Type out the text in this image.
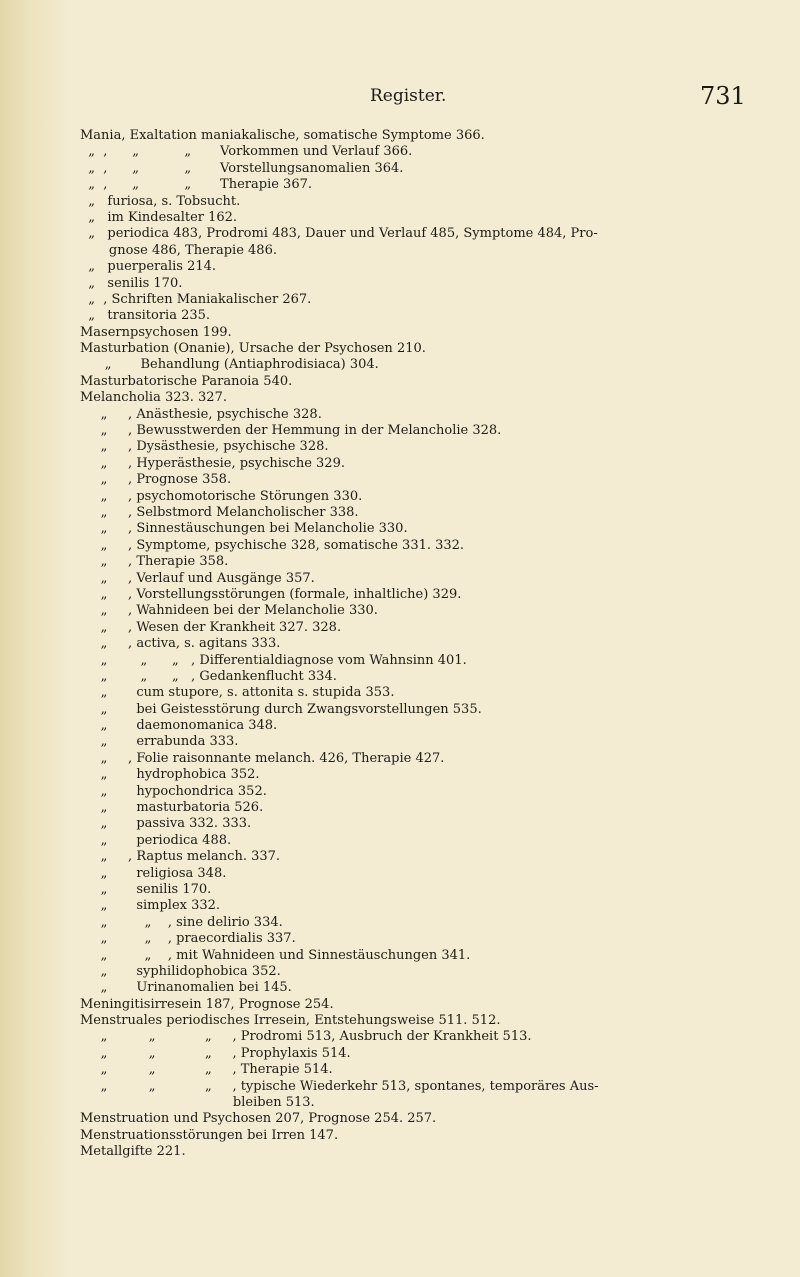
Register.	731
Mania, Exaltation maniakalische, somatische Symptome 366.
„  ,      „           „       Vorkommen und Verlauf 366.
„  ,      „           „       Vorstellungsanomalien 364.
„  ,      „           „       Therapie 367.
„   furiosa, s. Tobsucht.
„   im Kindesalter 162.
„   periodica 483, Prodromi 483, Dauer und Verlauf 485, Symptome 484, Pro-
gnose 486, Therapie 486.
„   puerperalis 214.
„   senilis 170.
„  , Schriften Maniakalischer 267.
„   transitoria 235.
Masernpsychosen 199.
Masturbation (Onanie), Ursache der Psychosen 210.
„       Behandlung (Antiaphrodisiaca) 304.
Masturbatorische Paranoia 540.
Melancholia 323. 327.
„     , Anästhesie, psychische 328.
„     , Bewusstwerden der Hemmung in der Melancholie 328.
„     , Dysästhesie, psychische 328.
„     , Hyperästhesie, psychische 329.
„     , Prognose 358.
„     , psychomotorische Störungen 330.
„     , Selbstmord Melancholischer 338.
„     , Sinnestäuschungen bei Melancholie 330.
„     , Symptome, psychische 328, somatische 331. 332.
„     , Therapie 358.
„     , Verlauf und Ausgänge 357.
„     , Vorstellungsstörungen (formale, inhaltliche) 329.
„     , Wahnideen bei der Melancholie 330.
„     , Wesen der Krankheit 327. 328.
„     , activa, s. agitans 333.
„        „      „   , Differentialdiagnose vom Wahnsinn 401.
„        „      „   , Gedankenflucht 334.
„       cum stupore, s. attonita s. stupida 353.
„       bei Geistesstörung durch Zwangsvorstellungen 535.
„       daemonomanica 348.
„       errabunda 333.
„     , Folie raisonnante melanch. 426, Therapie 427.
„       hydrophobica 352.
„       hypochondrica 352.
„       masturbatoria 526.
„       passiva 332. 333.
„       periodica 488.
„     , Raptus melanch. 337.
„       religiosa 348.
„       senilis 170.
„       simplex 332.
„         „    , sine delirio 334.
„         „    , praecordialis 337.
„         „    , mit Wahnideen und Sinnestäuschungen 341.
„       syphilidophobica 352.
„       Urinanomalien bei 145.
Meningitisirresein 187, Prognose 254.
Menstruales periodisches Irresein, Entstehungsweise 511. 512.
„          „            „     , Prodromi 513, Ausbruch der Krankheit 513.
„          „            „     , Prophylaxis 514.
„          „            „     , Therapie 514.
„          „            „     , typische Wiederkehr 513, spontanes, temporäres Aus-
bleiben 513.
Menstruation und Psychosen 207, Prognose 254. 257.
Menstruationsstörungen bei Irren 147.
Metallgifte 221.
